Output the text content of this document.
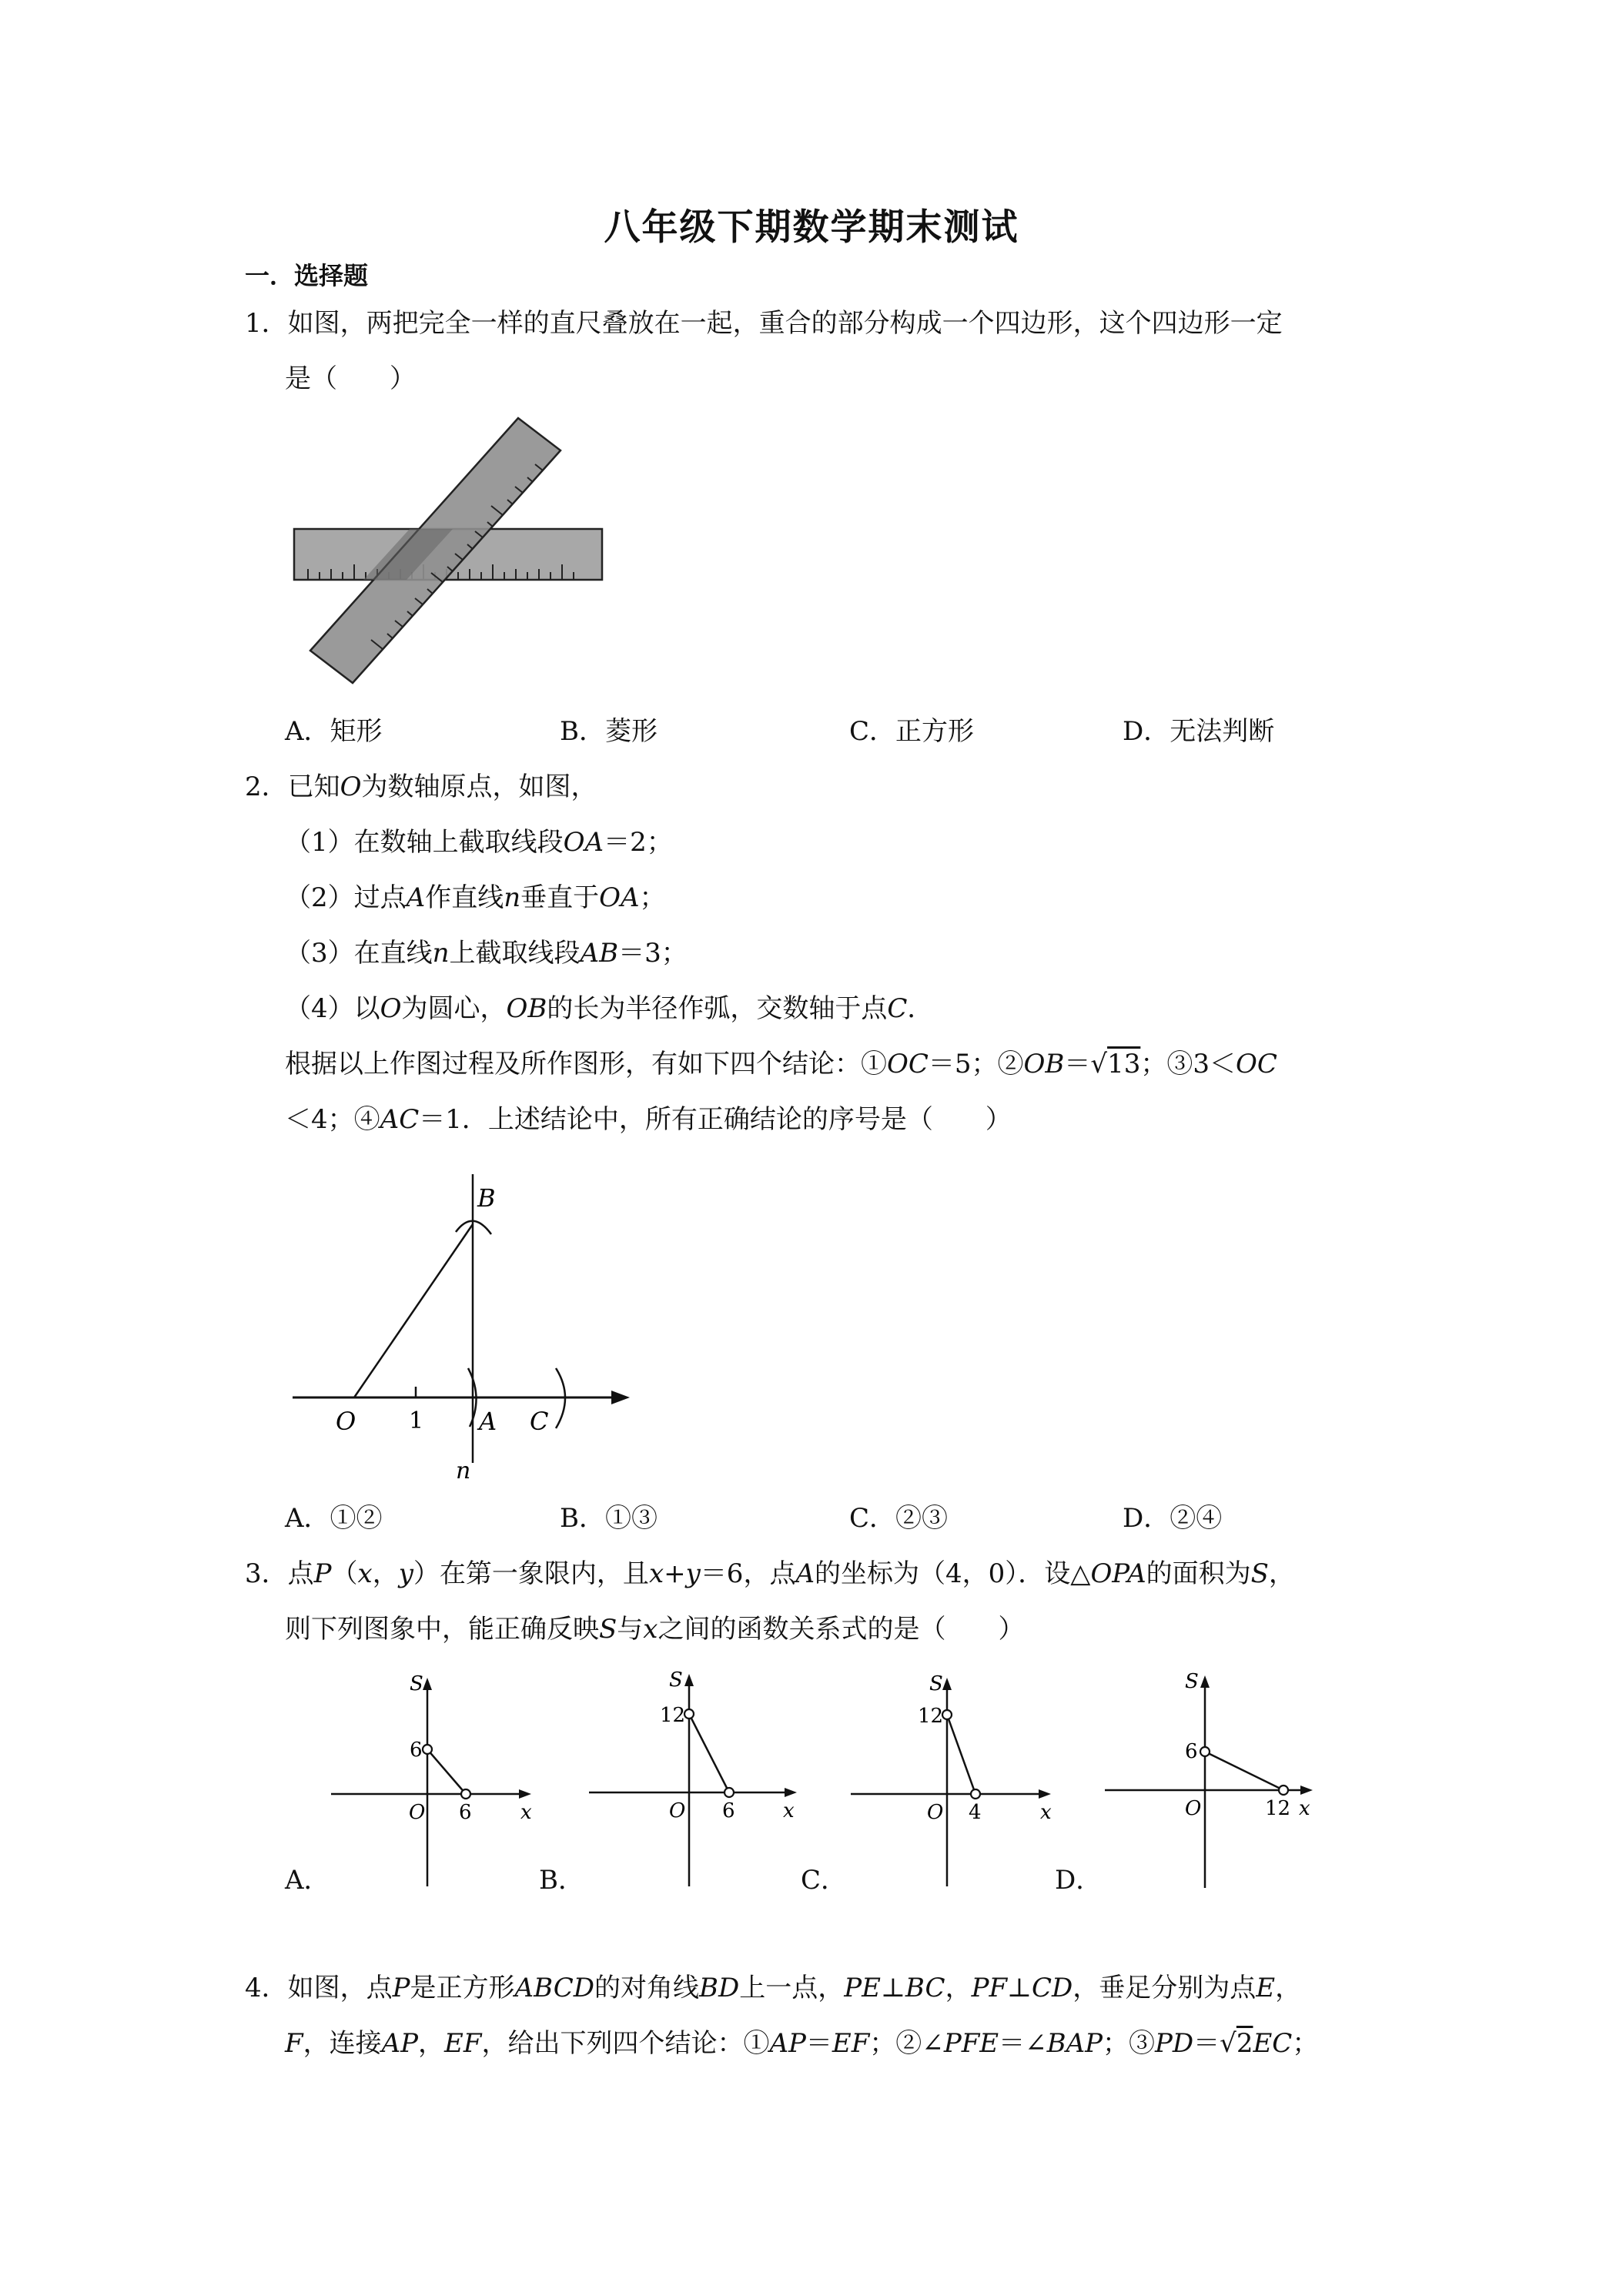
八年级下期数学期末测试
一．选择题
1．如图，两把完全一样的直尺叠放在一起，重合的部分构成一个四边形，这个四边形一定
是（　　）
A．矩形	B．菱形	C．正方形	D．无法判断
2．已知O为数轴原点，如图，
（1）在数轴上截取线段OA＝2；
（2）过点A作直线n垂直于OA；
（3）在直线n上截取线段AB＝3；
（4）以O为圆心，OB的长为半径作弧，交数轴于点C．
根据以上作图过程及所作图形，有如下四个结论：①OC＝5；②OB＝√13；③3＜OC
＜4；④AC＝1．上述结论中，所有正确结论的序号是（　　）
B
O 1 A C
n
A．①②	B．①③	C．②③	D．②④
3．点P（x，y）在第一象限内，且x+y＝6，点A的坐标为（4，0）．设△OPA的面积为S，
则下列图象中，能正确反映S与x之间的函数关系式的是（　　）
S
6
O 6 x
A．
S
12
O 6 x
B．
S
12
O 4	x
C．
S
6
O	12 x
D．
4．如图，点P是正方形ABCD的对角线BD上一点，PE⊥BC，PF⊥CD，垂足分别为点E，
F，连接AP，EF，给出下列四个结论：①AP＝EF；②∠PFE＝∠BAP；③PD＝√2EC；
